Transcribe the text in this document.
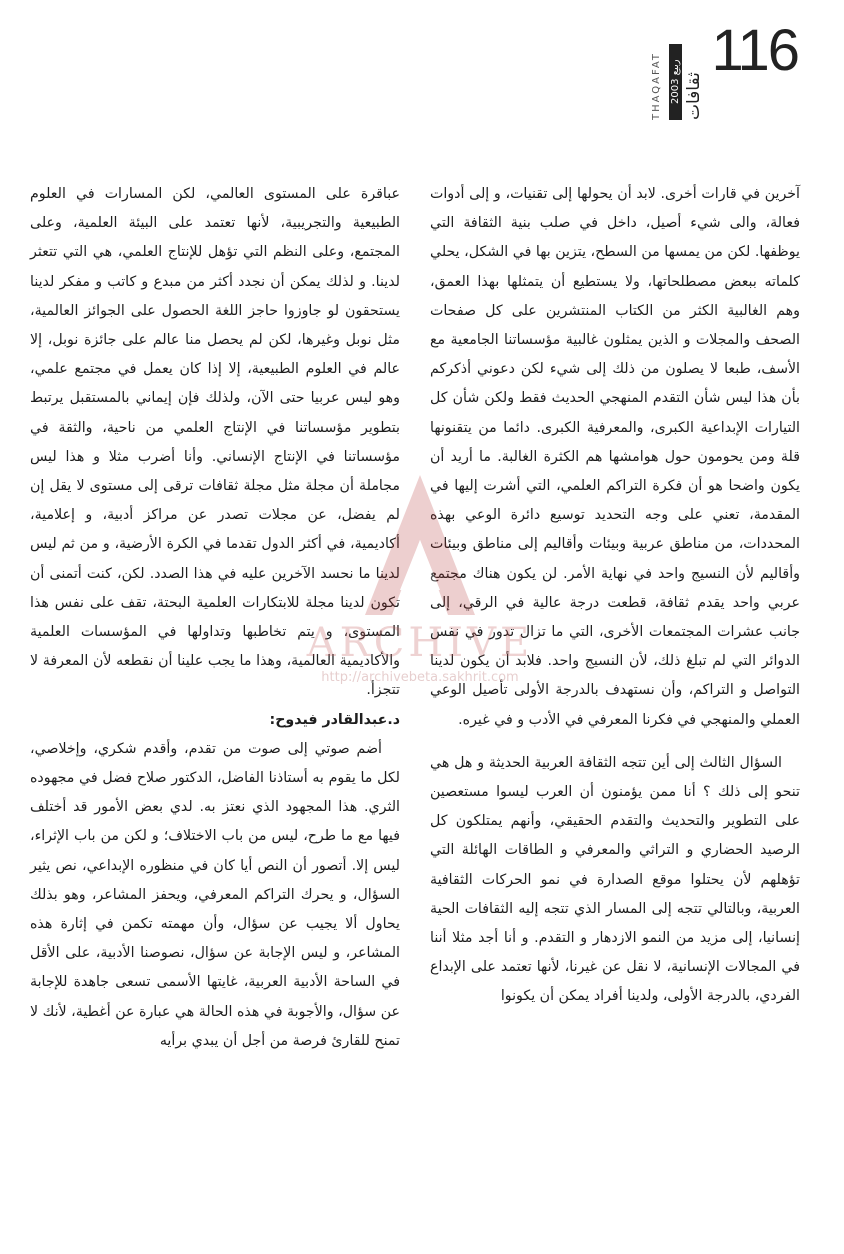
116
ثقافات
ربيع 2003
THAQAFAT

آخرين في قارات أخرى. لابد أن يحولها إلى تقنيات، و إلى أدوات فعالة، والى شيء أصيل، داخل في صلب بنية الثقافة التي يوظفها. لكن من يمسها من السطح، يتزين بها في الشكل، يحلي كلماته ببعض مصطلحاتها، ولا يستطيع أن يتمثلها بهذا العمق، وهم الغالبية الكثر من الكتاب المنتشرين على كل صفحات الصحف والمجلات و الذين يمثلون غالبية مؤسساتنا الجامعية مع الأسف، طبعا لا يصلون من ذلك إلى شيء لكن دعوني أذكركم بأن هذا ليس شأن التقدم المنهجي الحديث فقط ولكن شأن كل التيارات الإبداعية الكبرى، والمعرفية الكبرى. دائما من يتقنونها قلة ومن يحومون حول هوامشها هم الكثرة الغالبة. ما أريد أن يكون واضحا هو أن فكرة التراكم العلمي، التي أشرت إليها في المقدمة، تعني على وجه التحديد توسيع دائرة الوعي بهذه المحددات، من مناطق عربية وبيئات وأقاليم إلى مناطق وبيئات وأقاليم لأن النسيج واحد في نهاية الأمر. لن يكون هناك مجتمع عربي واحد يقدم ثقافة، قطعت درجة عالية في الرقي، إلى جانب عشرات المجتمعات الأخرى، التي ما تزال تدور في نفس الدوائر التي لم تبلغ ذلك، لأن النسيج واحد. فلابد أن يكون لدينا التواصل و التراكم، وأن نستهدف بالدرجة الأولى تأصيل الوعي العملي والمنهجي في فكرنا المعرفي في الأدب و في غيره.

السؤال الثالث إلى أين تتجه الثقافة العربية الحديثة و هل هي تنحو إلى ذلك ؟ أنا ممن يؤمنون أن العرب ليسوا مستعصين على التطوير والتحديث والتقدم الحقيقي، وأنهم يمتلكون كل الرصيد الحضاري و التراثي والمعرفي و الطاقات الهائلة التي تؤهلهم لأن يحتلوا موقع الصدارة في نمو الحركات الثقافية العربية، وبالتالي تتجه إلى المسار الذي تتجه إليه الثقافات الحية إنسانيا، إلى مزيد من النمو الازدهار و التقدم. و أنا أجد مثلا أننا في المجالات الإنسانية، لا نقل عن غيرنا، لأنها تعتمد على الإبداع الفردي، بالدرجة الأولى، ولدينا أفراد يمكن أن يكونوا

عباقرة على المستوى العالمي، لكن المسارات في العلوم الطبيعية والتجريبية، لأنها تعتمد على البيئة العلمية، وعلى المجتمع، وعلى النظم التي تؤهل للإنتاج العلمي، هي التي تتعثر لدينا. و لذلك يمكن أن نجدد أكثر من مبدع و كاتب و مفكر لدينا يستحقون لو جاوزوا حاجز اللغة الحصول على الجوائز العالمية، مثل نوبل وغيرها، لكن لم يحصل منا عالم على جائزة نوبل، إلا عالم في العلوم الطبيعية، إلا إذا كان يعمل في مجتمع علمي، وهو ليس عربيا حتى الآن، ولذلك فإن إيماني بالمستقبل يرتبط بتطوير مؤسساتنا في الإنتاج العلمي من ناحية، والثقة في مؤسساتنا في الإنتاج الإنساني. وأنا أضرب مثلا و هذا ليس مجاملة أن مجلة مثل مجلة ثقافات ترقى إلى مستوى لا يقل إن لم يفضل، عن مجلات تصدر عن مراكز أدبية، و إعلامية، أكاديمية، في أكثر الدول تقدما في الكرة الأرضية، و من ثم ليس لدينا ما نحسد الآخرين عليه في هذا الصدد. لكن، كنت أتمنى أن تكون لدينا مجلة للابتكارات العلمية البحتة، تقف على نفس هذا المستوى، و يتم تخاطبها وتداولها في المؤسسات العلمية والأكاديمية العالمية، وهذا ما يجب علينا أن نقطعه لأن المعرفة لا تتجزأ.

د.عبدالقادر فيدوح:

أضم صوتي إلى صوت من تقدم، وأقدم شكري، وإخلاصي، لكل ما يقوم به أستاذنا الفاضل، الدكتور صلاح فضل في مجهوده الثري. هذا المجهود الذي نعتز به. لدي بعض الأمور قد أختلف فيها مع ما طرح، ليس من باب الاختلاف؛ و لكن من باب الإثراء، ليس إلا. أتصور أن النص أيا كان في منظوره الإبداعي، نص يثير السؤال، و يحرك التراكم المعرفي، ويحفز المشاعر، وهو بذلك يحاول ألا يجيب عن سؤال، وأن مهمته تكمن في إثارة هذه المشاعر، و ليس الإجابة عن سؤال، نصوصنا الأدبية، على الأقل في الساحة الأدبية العربية، غايتها الأسمى تسعى جاهدة للإجابة عن سؤال، والأجوبة في هذه الحالة هي عبارة عن أغطية، لأنك لا تمنح للقارئ فرصة من أجل أن يبدي برأيه

ARCHIVE
http://archivebeta.sakhrit.com
